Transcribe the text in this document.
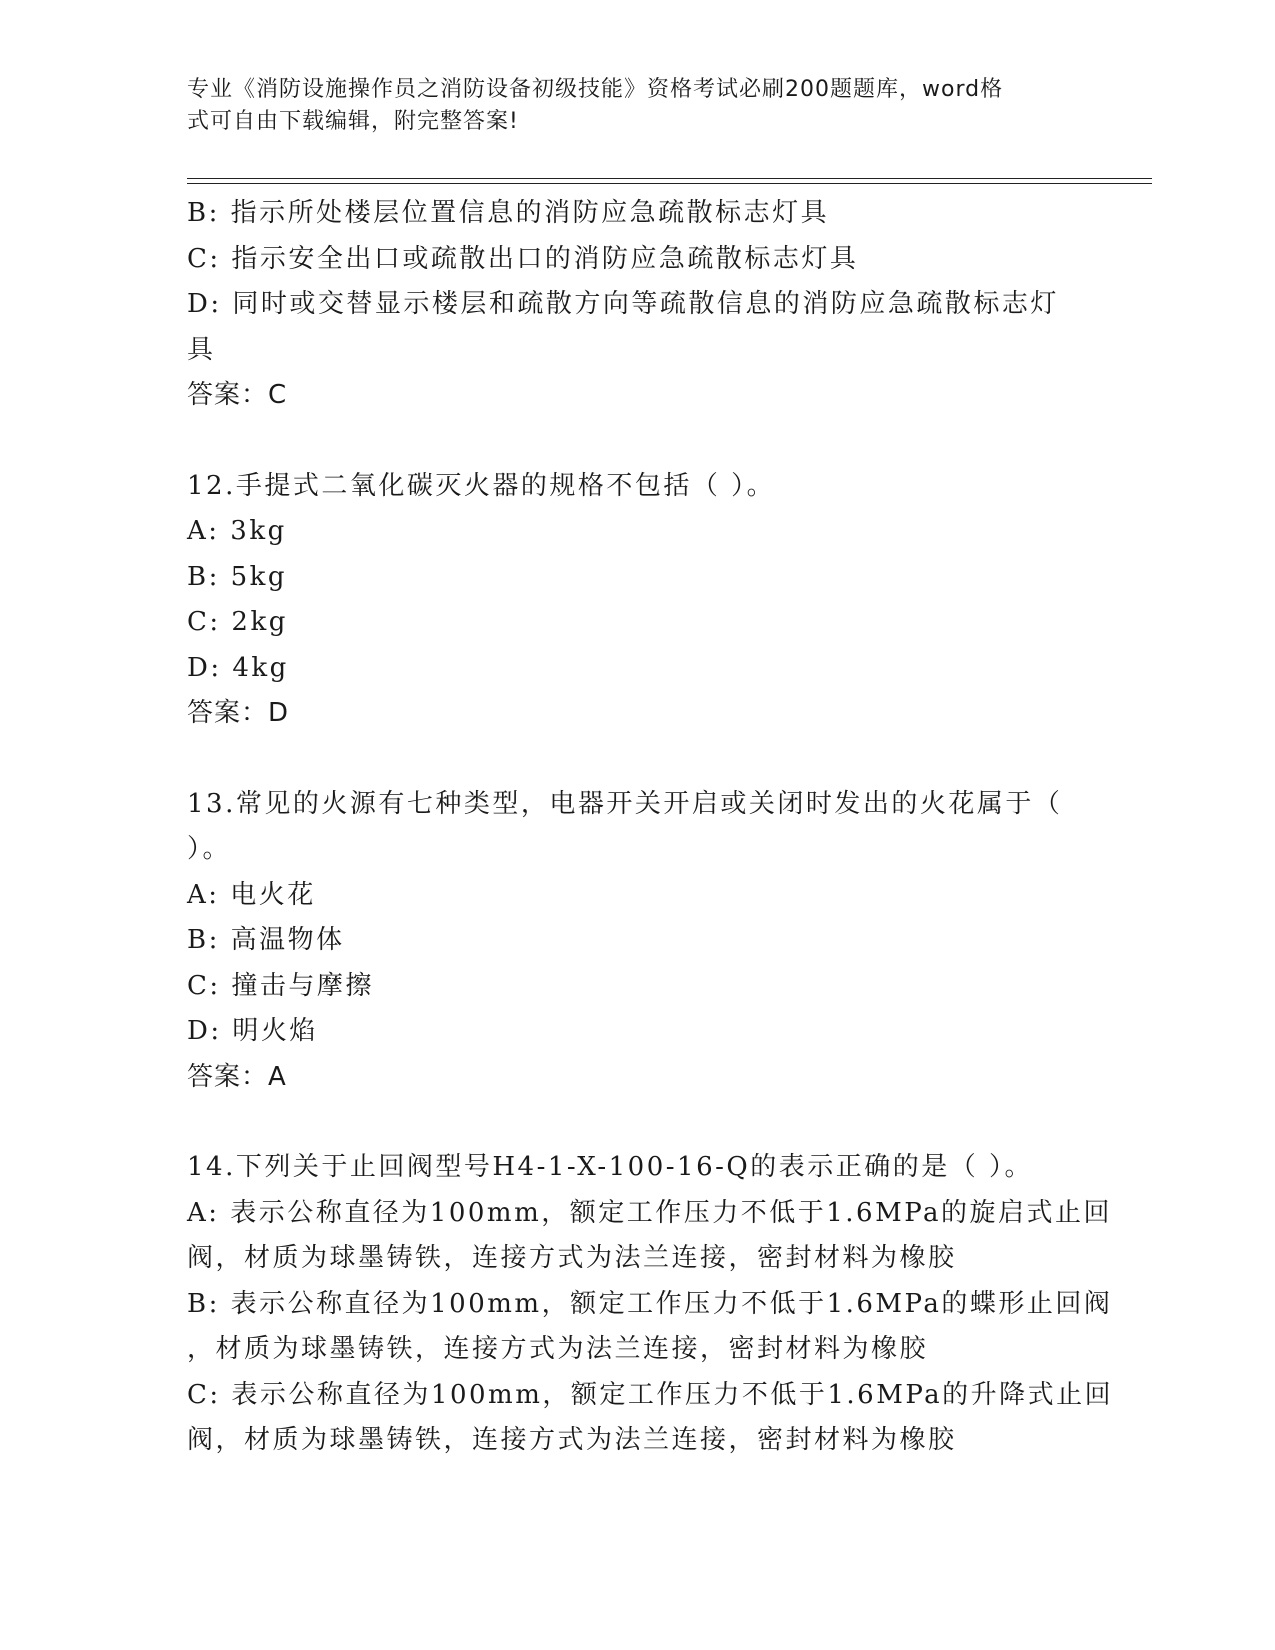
专业《消防设施操作员之消防设备初级技能》资格考试必刷200题题库，word格
式可自由下载编辑，附完整答案!
B: 指示所处楼层位置信息的消防应急疏散标志灯具
C: 指示安全出口或疏散出口的消防应急疏散标志灯具
D: 同时或交替显示楼层和疏散方向等疏散信息的消防应急疏散标志灯
具
答案：C
12.手提式二氧化碳灭火器的规格不包括（ ）。
A: 3kg
B: 5kg
C: 2kg
D: 4kg
答案：D
13.常见的火源有七种类型，电器开关开启或关闭时发出的火花属于（
）。
A: 电火花
B: 高温物体
C: 撞击与摩擦
D: 明火焰
答案：A
14.下列关于止回阀型号H4-1-X-100-16-Q的表示正确的是（ ）。
A: 表示公称直径为100mm，额定工作压力不低于1.6MPa的旋启式止回
阀，材质为球墨铸铁，连接方式为法兰连接，密封材料为橡胶
B: 表示公称直径为100mm，额定工作压力不低于1.6MPa的蝶形止回阀
，材质为球墨铸铁，连接方式为法兰连接，密封材料为橡胶
C: 表示公称直径为100mm，额定工作压力不低于1.6MPa的升降式止回
阀，材质为球墨铸铁，连接方式为法兰连接，密封材料为橡胶
